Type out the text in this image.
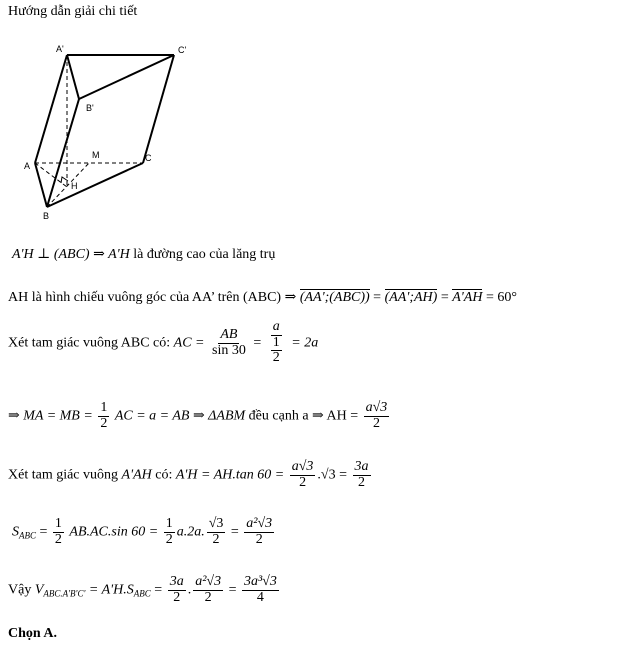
Hướng dẫn giải chi tiết
A'	C'
B'
A
M	C
H
B
A'H ⊥ (ABC) ⇒ A'H là đường cao của lăng trụ
AH là hình chiếu vuông góc của AA’ trên (ABC) ⇒ (AA';(ABC)) = (AA';AH) = A'AH = 60°
Xét tam giác vuông ABC có: AC = $\frac{AB}{\sin 30} = \frac{a}{\frac{1}{2}} = 2a$
⇒ MA = MB = $\frac{1}{2}$ AC = a = AB ⇒ ΔABM đều cạnh a ⇒ AH = $\frac{a√3}{2}$
Xét tam giác vuông A'AH có: A'H = AH.tan $60 = \frac{a√3}{2} .√3 = \frac{3a}{2}$
$S_{ABC} = \frac{1}{2} AB.AC.\sin$ $60 = \frac{1}{2} a.2a$. $\frac{√3}{2} = \frac{\text{a²√3}}{2}$
Vậy $V_{ABC.A'B'C'} = A'H.S_{ABC} = \frac{3a}{2}$ . $\frac{\text{a²√3}}{2} = \frac{\text{3a³√3}}{4}$
Chọn A.
